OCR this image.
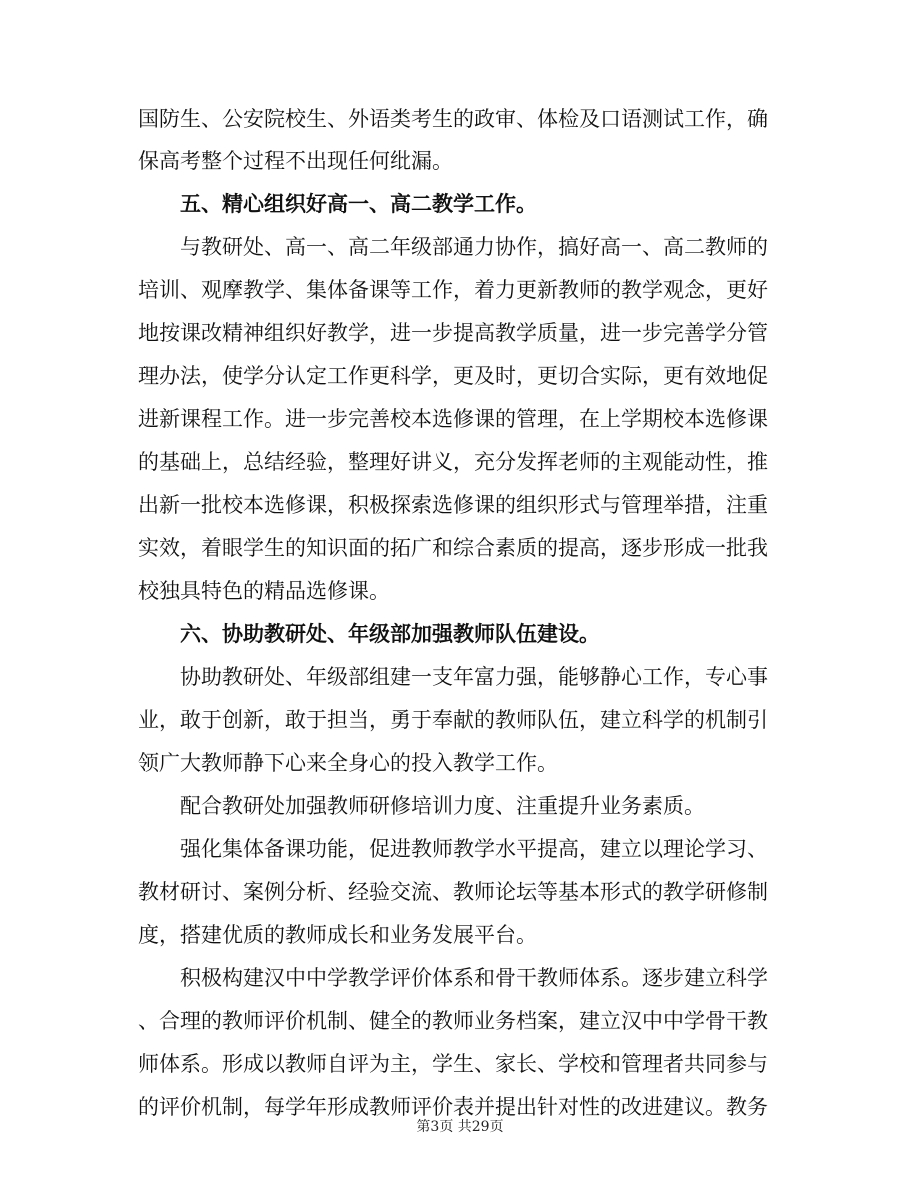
国防生、公安院校生、外语类考生的政审、体检及口语测试工作，确
保高考整个过程不出现任何纰漏。
五、精心组织好高一、高二教学工作。
与教研处、高一、高二年级部通力协作，搞好高一、高二教师的
培训、观摩教学、集体备课等工作，着力更新教师的教学观念，更好
地按课改精神组织好教学，进一步提高教学质量，进一步完善学分管
理办法，使学分认定工作更科学，更及时，更切合实际，更有效地促
进新课程工作。进一步完善校本选修课的管理，在上学期校本选修课
的基础上，总结经验，整理好讲义，充分发挥老师的主观能动性，推
出新一批校本选修课，积极探索选修课的组织形式与管理举措，注重
实效，着眼学生的知识面的拓广和综合素质的提高，逐步形成一批我
校独具特色的精品选修课。
六、协助教研处、年级部加强教师队伍建设。
协助教研处、年级部组建一支年富力强，能够静心工作，专心事
业，敢于创新，敢于担当，勇于奉献的教师队伍，建立科学的机制引
领广大教师静下心来全身心的投入教学工作。
配合教研处加强教师研修培训力度、注重提升业务素质。
强化集体备课功能，促进教师教学水平提高，建立以理论学习、
教材研讨、案例分析、经验交流、教师论坛等基本形式的教学研修制
度，搭建优质的教师成长和业务发展平台。
积极构建汉中中学教学评价体系和骨干教师体系。逐步建立科学
、合理的教师评价机制、健全的教师业务档案，建立汉中中学骨干教
师体系。形成以教师自评为主，学生、家长、学校和管理者共同参与
的评价机制，每学年形成教师评价表并提出针对性的改进建议。教务
第3页 共29页
